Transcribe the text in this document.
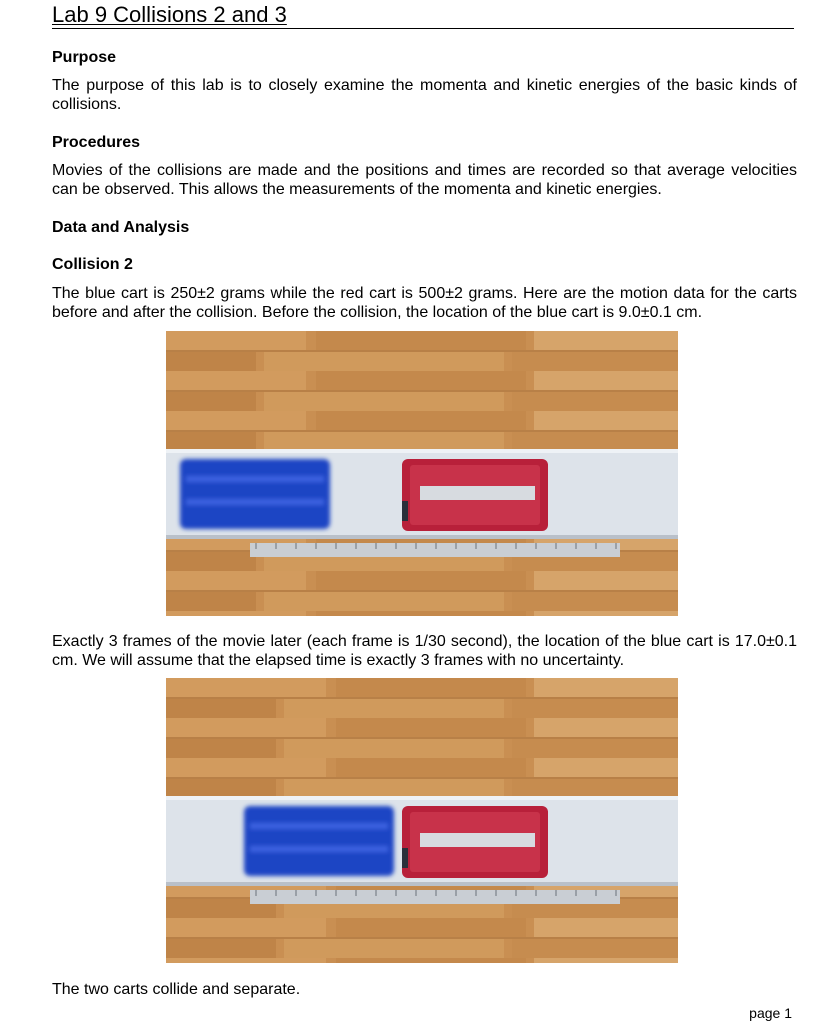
Lab 9 Collisions 2 and 3
Purpose
The purpose of this lab is to closely examine the momenta and kinetic energies of the basic kinds of collisions.
Procedures
Movies of the collisions are made and the positions and times are recorded so that average velocities can be observed. This allows the measurements of the momenta and kinetic energies.
Data and Analysis
Collision 2
The blue cart is 250±2 grams while the red cart is 500±2 grams. Here are the motion data for the carts before and after the collision. Before the collision, the location of the blue cart is 9.0±0.1 cm.
Exactly 3 frames of the movie later (each frame is 1/30 second), the location of the blue cart is 17.0±0.1 cm. We will assume that the elapsed time is exactly 3 frames with no uncertainty.
The two carts collide and separate.
page 1
